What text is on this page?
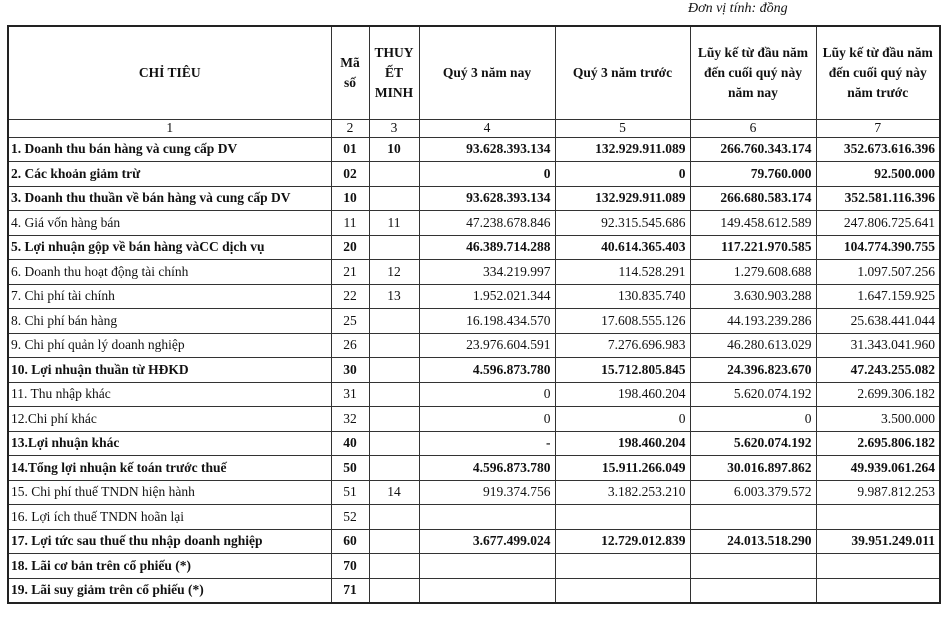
Đơn vị tính: đồng
CHỈ TIÊU	Mã số	THUY ẾT MINH	Quý 3 năm nay	Quý 3 năm trước	Lũy kế từ đầu năm đến cuối quý này năm nay	Lũy kế từ đầu năm đến cuối quý này năm trước
1	2	3	4	5	6	7
1. Doanh thu bán hàng và cung cấp DV	01	10	93.628.393.134	132.929.911.089	266.760.343.174	352.673.616.396
2. Các khoản giảm trừ	02		0	0	79.760.000	92.500.000
3. Doanh thu thuần về bán hàng và cung cấp DV	10		93.628.393.134	132.929.911.089	266.680.583.174	352.581.116.396
4. Giá vốn hàng bán	11	11	47.238.678.846	92.315.545.686	149.458.612.589	247.806.725.641
5. Lợi nhuận gộp về bán hàng vàCC dịch vụ	20		46.389.714.288	40.614.365.403	117.221.970.585	104.774.390.755
6. Doanh thu hoạt động tài chính	21	12	334.219.997	114.528.291	1.279.608.688	1.097.507.256
7. Chi phí tài chính	22	13	1.952.021.344	130.835.740	3.630.903.288	1.647.159.925
8. Chi phí bán hàng	25		16.198.434.570	17.608.555.126	44.193.239.286	25.638.441.044
9. Chi phí quản lý doanh nghiệp	26		23.976.604.591	7.276.696.983	46.280.613.029	31.343.041.960
10. Lợi nhuận thuần từ HĐKD	30		4.596.873.780	15.712.805.845	24.396.823.670	47.243.255.082
11. Thu nhập khác	31		0	198.460.204	5.620.074.192	2.699.306.182
12.Chi phí khác	32		0	0	0	3.500.000
13.Lợi nhuận khác	40		-	198.460.204	5.620.074.192	2.695.806.182
14.Tổng lợi nhuận kế toán trước thuế	50		4.596.873.780	15.911.266.049	30.016.897.862	49.939.061.264
15. Chi phí thuế TNDN hiện hành	51	14	919.374.756	3.182.253.210	6.003.379.572	9.987.812.253
16. Lợi ích thuế TNDN hoãn lại	52					
17. Lợi tức sau thuế thu nhập doanh nghiệp	60		3.677.499.024	12.729.012.839	24.013.518.290	39.951.249.011
18. Lãi cơ bản trên cổ phiếu (*)	70					
19. Lãi suy giảm trên cổ phiếu (*)	71					
